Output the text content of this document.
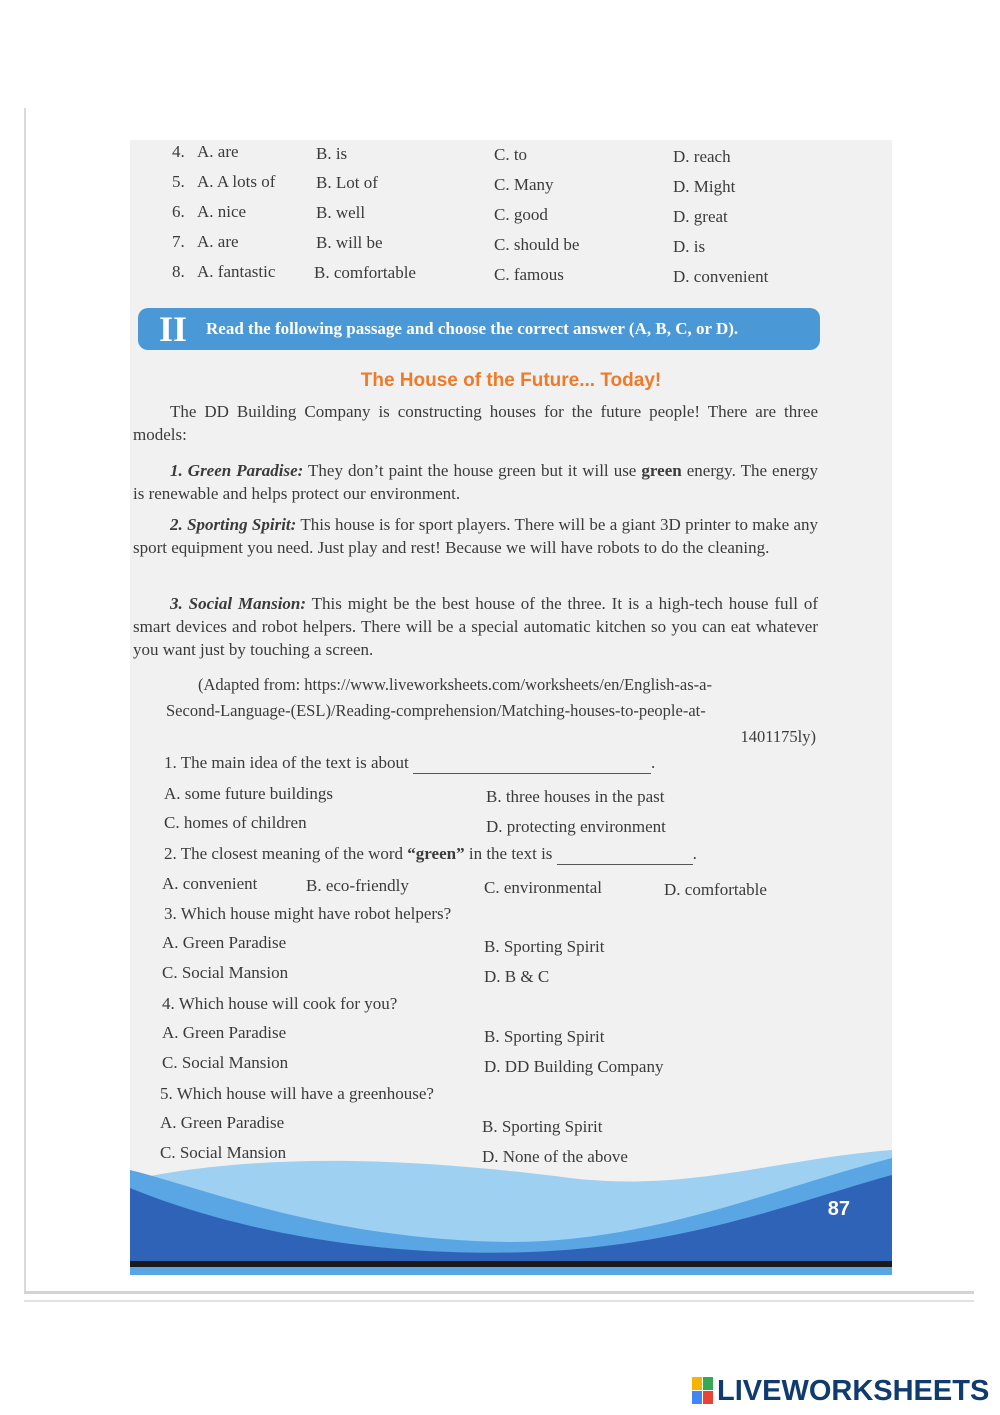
4. A. are	B. is	C. to	D. reach
5. A. A lots of B. Lot of	C. Many	D. Might
6. A. nice	B. well	C. good	D. great
7. A. are	B. will be	C. should be	D. is
8. A. fantastic B. comfortable	C. famous	D. convenient
II	Read the following passage and choose the correct answer (A, B, C, or D).
The House of the Future... Today!
The DD Building Company is constructing houses for the future people! There are three models:
1. Green Paradise: They don’t paint the house green but it will use green energy. The energy is renewable and helps protect our environment.
2. Sporting Spirit: This house is for sport players. There will be a giant 3D printer to make any sport equipment you need. Just play and rest! Because we will have robots to do the cleaning.
3. Social Mansion: This might be the best house of the three. It is a high-tech house full of smart devices and robot helpers. There will be a special automatic kitchen so you can eat whatever you want just by touching a screen.
(Adapted from: https://www.liveworksheets.com/worksheets/en/English-as-a-
Second-Language-(ESL)/Reading-comprehension/Matching-houses-to-people-at-
1401175ly)
1. The main idea of the text is about	.
A. some future buildings	B. three houses in the past
C. homes of children	D. protecting environment
2. The closest meaning of the word “green” in the text is	.
A. convenient	B. eco-friendly	C. environmental	D. comfortable
3. Which house might have robot helpers?
A. Green Paradise	B. Sporting Spirit
C. Social Mansion	D. B & C
4. Which house will cook for you?
A. Green Paradise	B. Sporting Spirit
C. Social Mansion	D. DD Building Company
5. Which house will have a greenhouse?
A. Green Paradise	B. Sporting Spirit
C. Social Mansion	D. None of the above
87
LIVEWORKSHEETS
